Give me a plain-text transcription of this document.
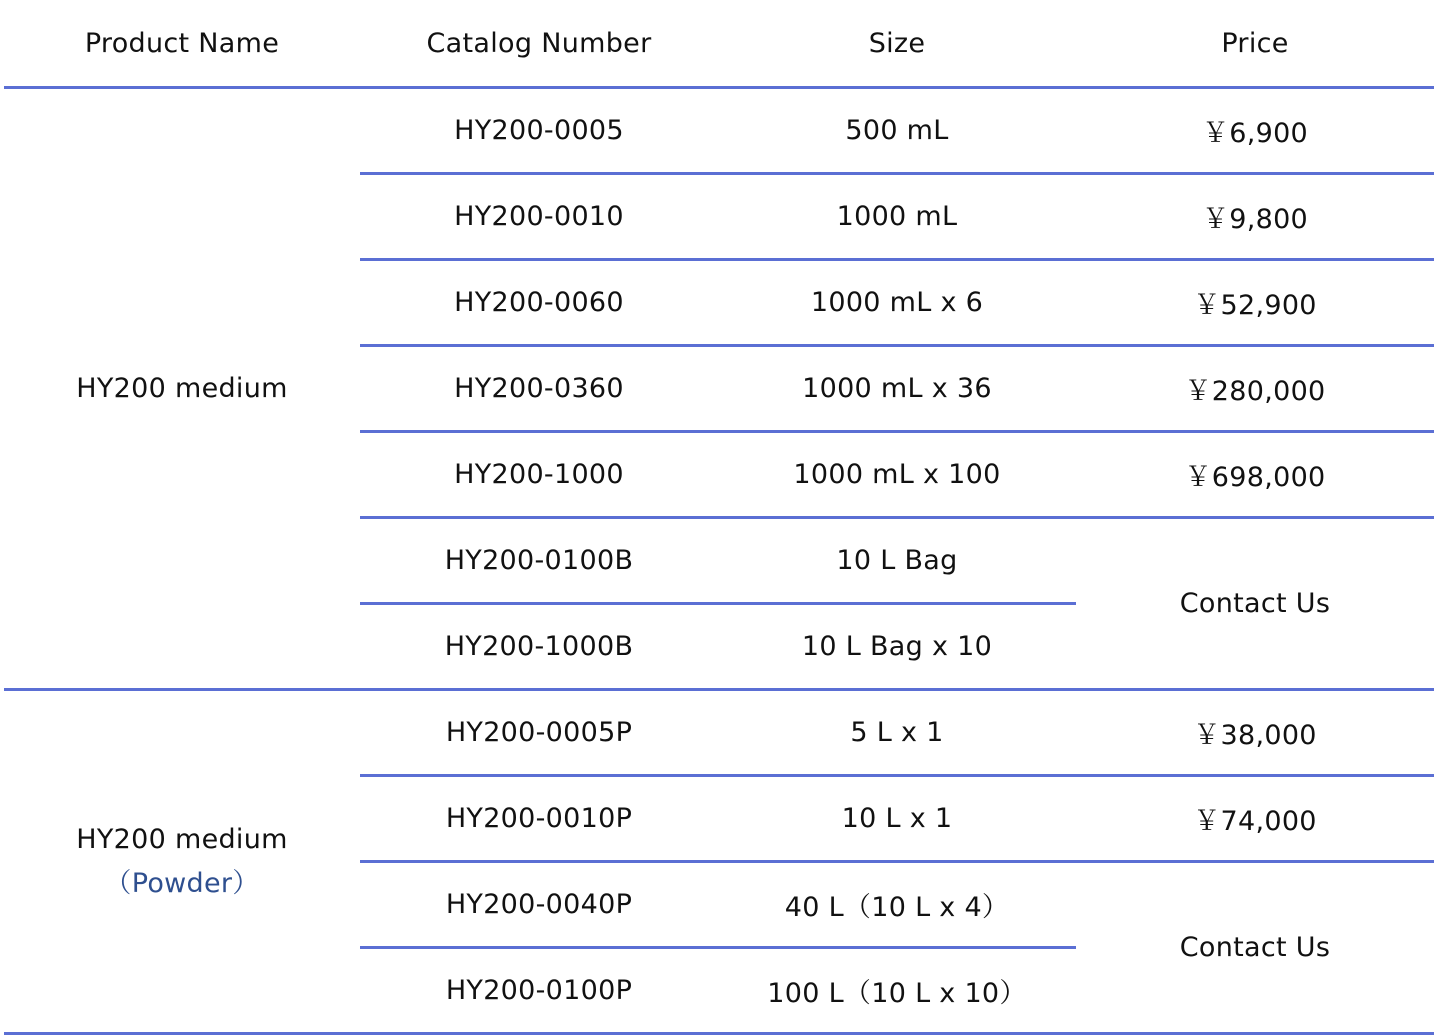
Product Name	Catalog Number	Size	Price
HY200 medium	HY200-0005	500 mL	￥6,900
	HY200-0010	1000 mL	￥9,800
	HY200-0060	1000 mL x 6	￥52,900
	HY200-0360	1000 mL x 36	￥280,000
	HY200-1000	1000 mL x 100	￥698,000
	HY200-0100B	10 L Bag	Contact Us
	HY200-1000B	10 L Bag x 10	
HY200 medium
（Powder）	HY200-0005P	5 L x 1	￥38,000
	HY200-0010P	10 L x 1	￥74,000
	HY200-0040P	40 L（10 L x 4）	Contact Us
	HY200-0100P	100 L（10 L x 10）	
